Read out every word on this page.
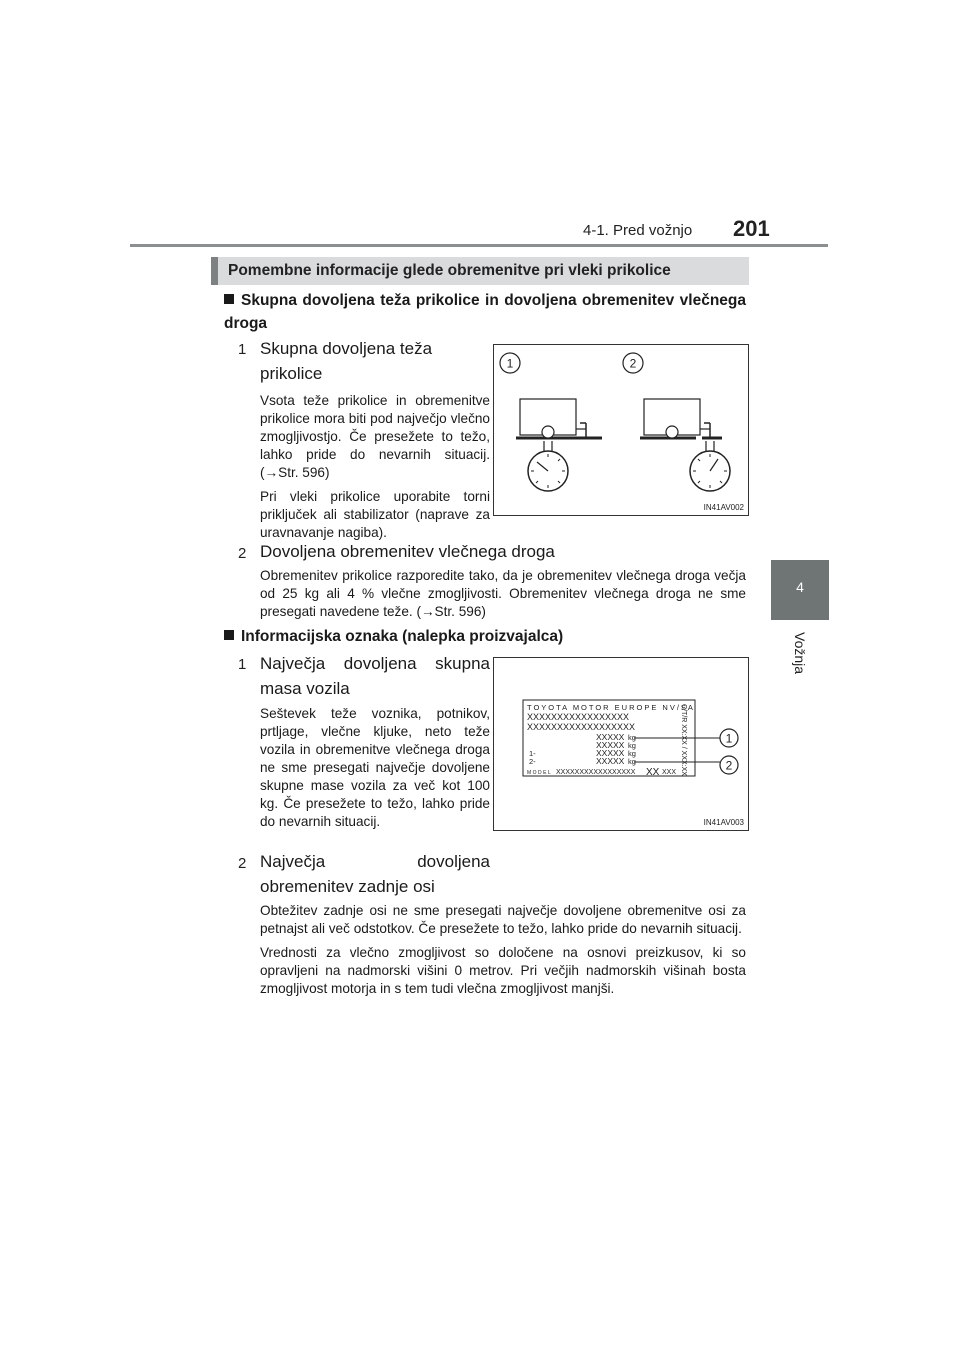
4-1. Pred vožnjo 201
4
Vožnja
Pomembne informacije glede obremenitve pri vleki prikolice
Skupna dovoljena teža prikolice in dovoljena obremenitev vlečnega droga
1 Skupna dovoljena teža prikolice

Vsota teže prikolice in obremenitve prikolice mora biti pod največjo vlečno zmogljivostjo. Če presežete to težo, lahko pride do nevarnih situacij. (→Str. 596)

Pri vleki prikolice uporabite torni priključek ali stabilizator (naprave za uravnavanje nagiba).

1	2
IN41AV002
2 Dovoljena obremenitev vlečnega droga
Obremenitev prikolice razporedite tako, da je obremenitev vlečnega droga večja od 25 kg ali 4 % vlečne zmogljivosti. Obremenitev vlečnega droga ne sme presegati navedene teže. (→Str. 596)
Informacijska oznaka (nalepka proizvajalca)
1 Največja dovoljena skupna masa vozila
Seštevek teže voznika, potnikov, prtljage, vlečne kljuke, neto teže vozila in obremenitve vlečnega droga ne sme presegati največje dovoljene skupne mase vozila za več kot 100 kg. Če presežete to težo, lahko pride do nevarnih situacij.
TOYOTA MOTOR EUROPE NV/SA
XXXXXXXXXXXXXXXXX
XXXXXXXXXXXXXXXXXX
XXXXX kg
XXXXX kg
1-	XXXXX kg
2-	XXXXX kg
MODEL XXXXXXXXXXXXXXXXX XX XXX C/T/R XX:XX / XXX:XX	1
2
IN41AV003
2 Največja dovoljena obremenitev zadnje osi

Obtežitev zadnje osi ne sme presegati največje dovoljene obremenitve osi za petnajst ali več odstotkov. Če presežete to težo, lahko pride do nevarnih situacij.

Vrednosti za vlečno zmogljivost so določene na osnovi preizkusov, ki so opravljeni na nadmorski višini 0 metrov. Pri večjih nadmorskih višinah bosta zmogljivost motorja in s tem tudi vlečna zmogljivost manjši.
